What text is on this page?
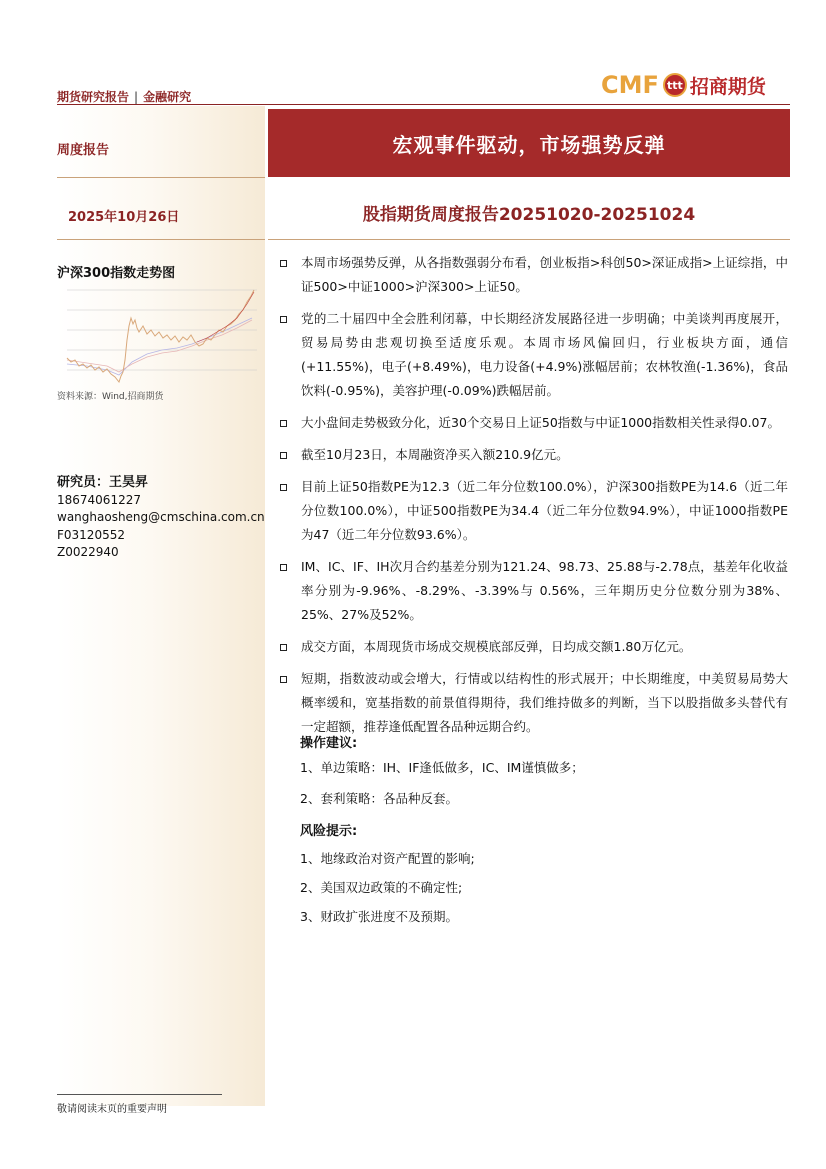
期货研究报告 | 金融研究	CMF ttt 招商期货
周度报告
2025年10月26日
宏观事件驱动，市场强势反弹
股指期货周度报告20251020-20251024
沪深300指数走势图
资料来源：Wind,招商期货
研究员：王昊昇
18674061227
wanghaosheng@cmschina.com.cn
F03120552
Z0022940
本周市场强势反弹，从各指数强弱分布看，创业板指>科创50>深证成指>上证综指，中证500>中证1000>沪深300>上证50。
党的二十届四中全会胜利闭幕，中长期经济发展路径进一步明确；中美谈判再度展开，贸易局势由悲观切换至适度乐观。本周市场风偏回归，行业板块方面，通信(+11.55%)，电子(+8.49%)，电力设备(+4.9%)涨幅居前；农林牧渔(-1.36%)，食品饮料(-0.95%)，美容护理(-0.09%)跌幅居前。
大小盘间走势极致分化，近30个交易日上证50指数与中证1000指数相关性录得0.07。
截至10月23日，本周融资净买入额210.9亿元。
目前上证50指数PE为12.3（近二年分位数100.0%），沪深300指数PE为14.6（近二年分位数100.0%），中证500指数PE为34.4（近二年分位数94.9%），中证1000指数PE为47（近二年分位数93.6%）。
IM、IC、IF、IH次月合约基差分别为121.24、98.73、25.88与-2.78点，基差年化收益率分别为-9.96%、-8.29%、-3.39%与 0.56%，三年期历史分位数分别为38%、25%、27%及52%。
成交方面，本周现货市场成交规模底部反弹，日均成交额1.80万亿元。
短期，指数波动或会增大，行情或以结构性的形式展开；中长期维度，中美贸易局势大概率缓和，宽基指数的前景值得期待，我们维持做多的判断，当下以股指做多头替代有一定超额，推荐逢低配置各品种远期合约。
操作建议:
1、单边策略：IH、IF逢低做多，IC、IM谨慎做多；
2、套利策略：各品种反套。
风险提示:
1、地缘政治对资产配置的影响;
2、美国双边政策的不确定性;
3、财政扩张进度不及预期。
敬请阅读末页的重要声明
